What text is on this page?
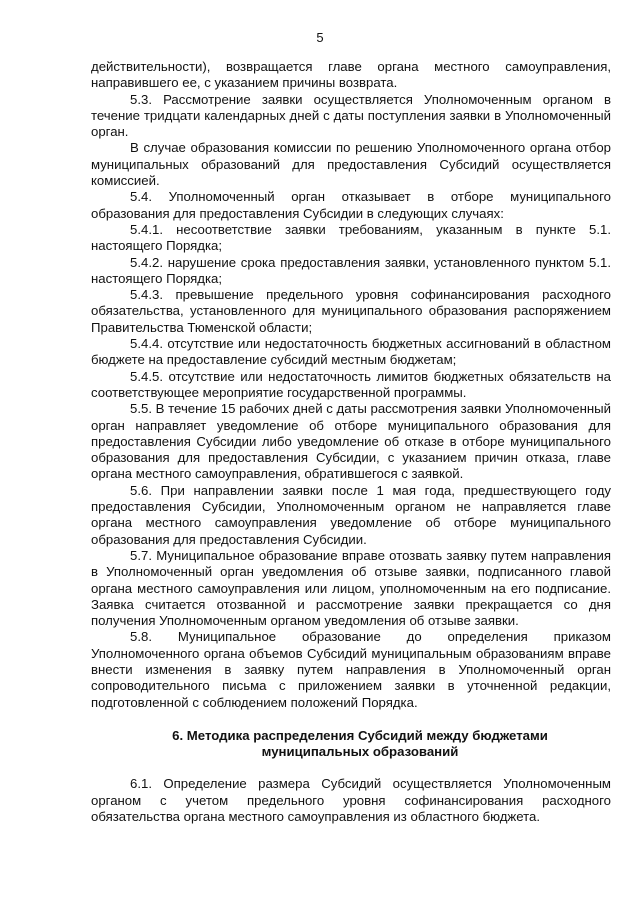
5

действительности), возвращается главе органа местного самоуправления, направившего ее, с указанием причины возврата.

5.3. Рассмотрение заявки осуществляется Уполномоченным органом в течение тридцати календарных дней с даты поступления заявки в Уполномоченный орган.

В случае образования комиссии по решению Уполномоченного органа отбор муниципальных образований для предоставления Субсидий осуществляется комиссией.

5.4. Уполномоченный орган отказывает в отборе муниципального образования для предоставления Субсидии в следующих случаях:

5.4.1. несоответствие заявки требованиям, указанным в пункте 5.1. настоящего Порядка;

5.4.2. нарушение срока предоставления заявки, установленного пунктом 5.1. настоящего Порядка;

5.4.3. превышение предельного уровня софинансирования расходного обязательства, установленного для муниципального образования распоряжением Правительства Тюменской области;

5.4.4. отсутствие или недостаточность бюджетных ассигнований в областном бюджете на предоставление субсидий местным бюджетам;

5.4.5. отсутствие или недостаточность лимитов бюджетных обязательств на соответствующее мероприятие государственной программы.

5.5. В течение 15 рабочих дней с даты рассмотрения заявки Уполномоченный орган направляет уведомление об отборе муниципального образования для предоставления Субсидии либо уведомление об отказе в отборе муниципального образования для предоставления Субсидии, с указанием причин отказа, главе органа местного самоуправления, обратившегося с заявкой.

5.6. При направлении заявки после 1 мая года, предшествующего году предоставления Субсидии, Уполномоченным органом не направляется главе органа местного самоуправления уведомление об отборе муниципального образования для предоставления Субсидии.

5.7. Муниципальное образование вправе отозвать заявку путем направления в Уполномоченный орган уведомления об отзыве заявки, подписанного главой органа местного самоуправления или лицом, уполномоченным на его подписание. Заявка считается отозванной и рассмотрение заявки прекращается со дня получения Уполномоченным органом уведомления об отзыве заявки.

5.8. Муниципальное образование до определения приказом Уполномоченного органа объемов Субсидий муниципальным образованиям вправе внести изменения в заявку путем направления в Уполномоченный орган сопроводительного письма с приложением заявки в уточненной редакции, подготовленной с соблюдением положений Порядка.

6. Методика распределения Субсидий между бюджетами

муниципальных образований

6.1. Определение размера Субсидий осуществляется Уполномоченным органом с учетом предельного уровня софинансирования расходного обязательства органа местного самоуправления из областного бюджета.
